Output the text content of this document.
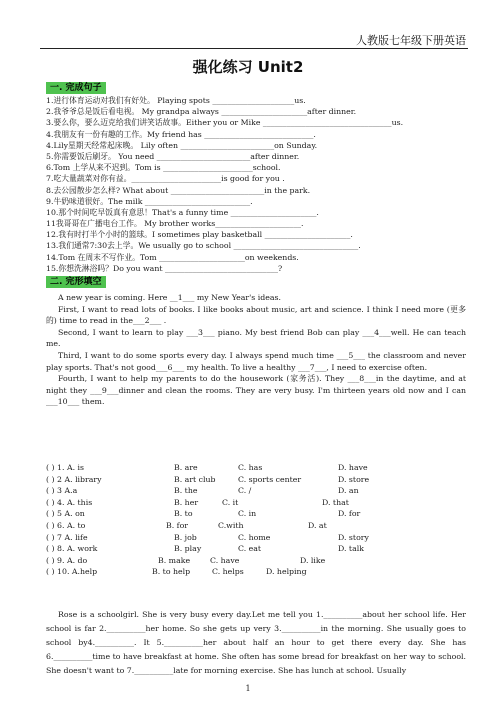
人教版七年级下册英语
强化练习 Unit2
一. 完成句子
1.进行体育运动对我们有好处。 Playing spots _____________________us.
2.我爷爷总是饭后看电视。 My grandpa always ______________________after dinner.
3.要么你，要么迈克给我们讲笑话故事。Either you or Mike _________________________________us.
4.我朋友有一份有趣的工作。My friend has ____________________________.
4.Lily星期天经常起床晚。 Lily often ________________________on Sunday.
5.你需要饭后刷牙。 You need ________________________after dinner.
6.Tom 上学从来不迟到。Tom is _______________________school.
7.吃大量蔬菜对你有益。_______________________is good for you .
8.去公园散步怎么样? What about ________________________in the park.
9.牛奶味道很好。The milk ___________________________.
10.那个时间吃早饭真有意思！That's a funny time ______________________.
11我哥哥在广播电台工作。 My brother works______________________.
12.我有时打半个小时的篮球。I sometimes play basketball ______________________.
13.我们通常7:30去上学。We usually go to school ________________________________.
14.Tom 在周末不写作业。Tom ______________________on weekends.
15.你想洗淋浴吗？Do you want _____________________________?
二. 完形填空

A new year is coming. Here __1___ my New Year's ideas.

First, I want to read lots of books. I like books about music, art and science. I think I need more (更多的) time to read in the___2___ .

Second, I want to learn to play ___3___ piano. My best friend Bob can play ___4___well. He can teach me.

Third, I want to do some sports every day. I always spend much time ___5___ the classroom and never play sports. That's not good___6___ my health. To live a healthy ___7___, I need to exercise often.

Fourth, I want to help my parents to do the housework (家务活). They ___8___in the daytime, and at night they ___9___dinner and clean the rooms. They are very busy. I'm thirteen years old now and I can ___10___ them.

( ) 1. A. is	B. are	C. has	D. have
( ) 2 A. library	B. art club	C. sports center	D. store
( ) 3 A.a	B. the	C. /	D. an
( ) 4. A. this	B. her	C. it	D. that
( ) 5 A. on	B. to	C. in	D. for
( ) 6. A. to	B. for	C.with	D. at
( ) 7 A. life	B. job	C. home	D. story
( ) 8. A. work	B. play	C. eat	D. talk
( ) 9. A. do	B. make	C. have	D. like
( ) 10. A.help	B. to help	C. helps	D. helping

Rose is a schoolgirl. She is very busy every day.Let me tell you 1.__________about her school life. Her school is far 2.__________her home. So she gets up very 3.__________in the morning. She usually goes to school by4.__________. It 5.__________her about half an hour to get there every day. She has 6.__________time to have breakfast at home. She often has some bread for breakfast on her way to school. She doesn't want to 7.__________late for morning exercise. She has lunch at school. Usually

1
